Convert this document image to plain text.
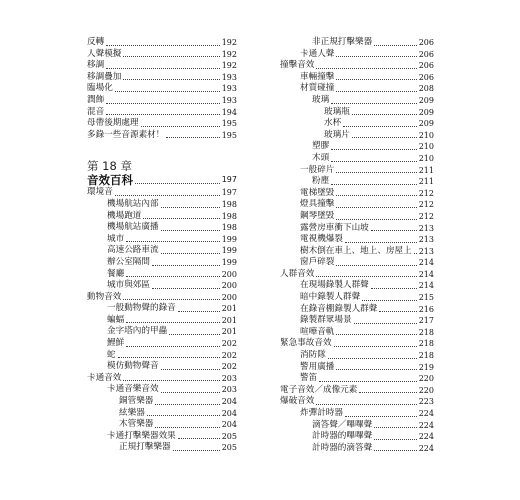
反轉	192
人聲模擬	192
移調	192
移調疊加	193
臨場化	193
潤飾	193
混音	194
母帶後期處理	195
多錄一些音源素材！	195
第 18 章
音效百科	197
環境音	197
機場航站內部	198
機場跑道	198
機場航站廣播	198
城市	199
高速公路車流	199
辦公室隔間	199
餐廳	200
城市與郊區	200
動物音效	200
一般動物聲的錄音	201
蝙蝠	201
金字塔內的甲蟲	201
鯉鮮	202
蛇	202
模仿動物聲音	202
卡通音效	203
卡通音樂音效	203
銅管樂器	204
絃樂器	204
木管樂器	204
卡通打擊樂器效果	205
正規打擊樂器	205
非正規打擊樂器	206
卡通人聲	206
撞擊音效	206
車輛撞擊	206
材質碰撞	208
玻璃	209
玻璃瓶	209
水杯	209
玻璃片	210
塑膠	210
木頭	210
一般碎片	211
粉塵	211
電梯墜毀	212
燈具撞擊	212
鋼琴墜毀	212
露營房車衝下山坡	213
電視機爆裂	213
樹木倒在車上、地上、房屋上 213
窗戶碎裂	214
人群音效	214
在現場錄製人群聲	214
暗中錄製人群聲	215
在錄音棚錄製人群聲	216
錄製群眾場景	217
喧嘩音軌	218
緊急事故音效	218
消防隊	218
警用廣播	219
警笛	220
電子音效／成像元素	220
爆破音效	223
炸彈計時器	224
滴答聲／嗶嗶聲	224
計時器的嗶嗶聲	224
計時器的滴答聲	224
